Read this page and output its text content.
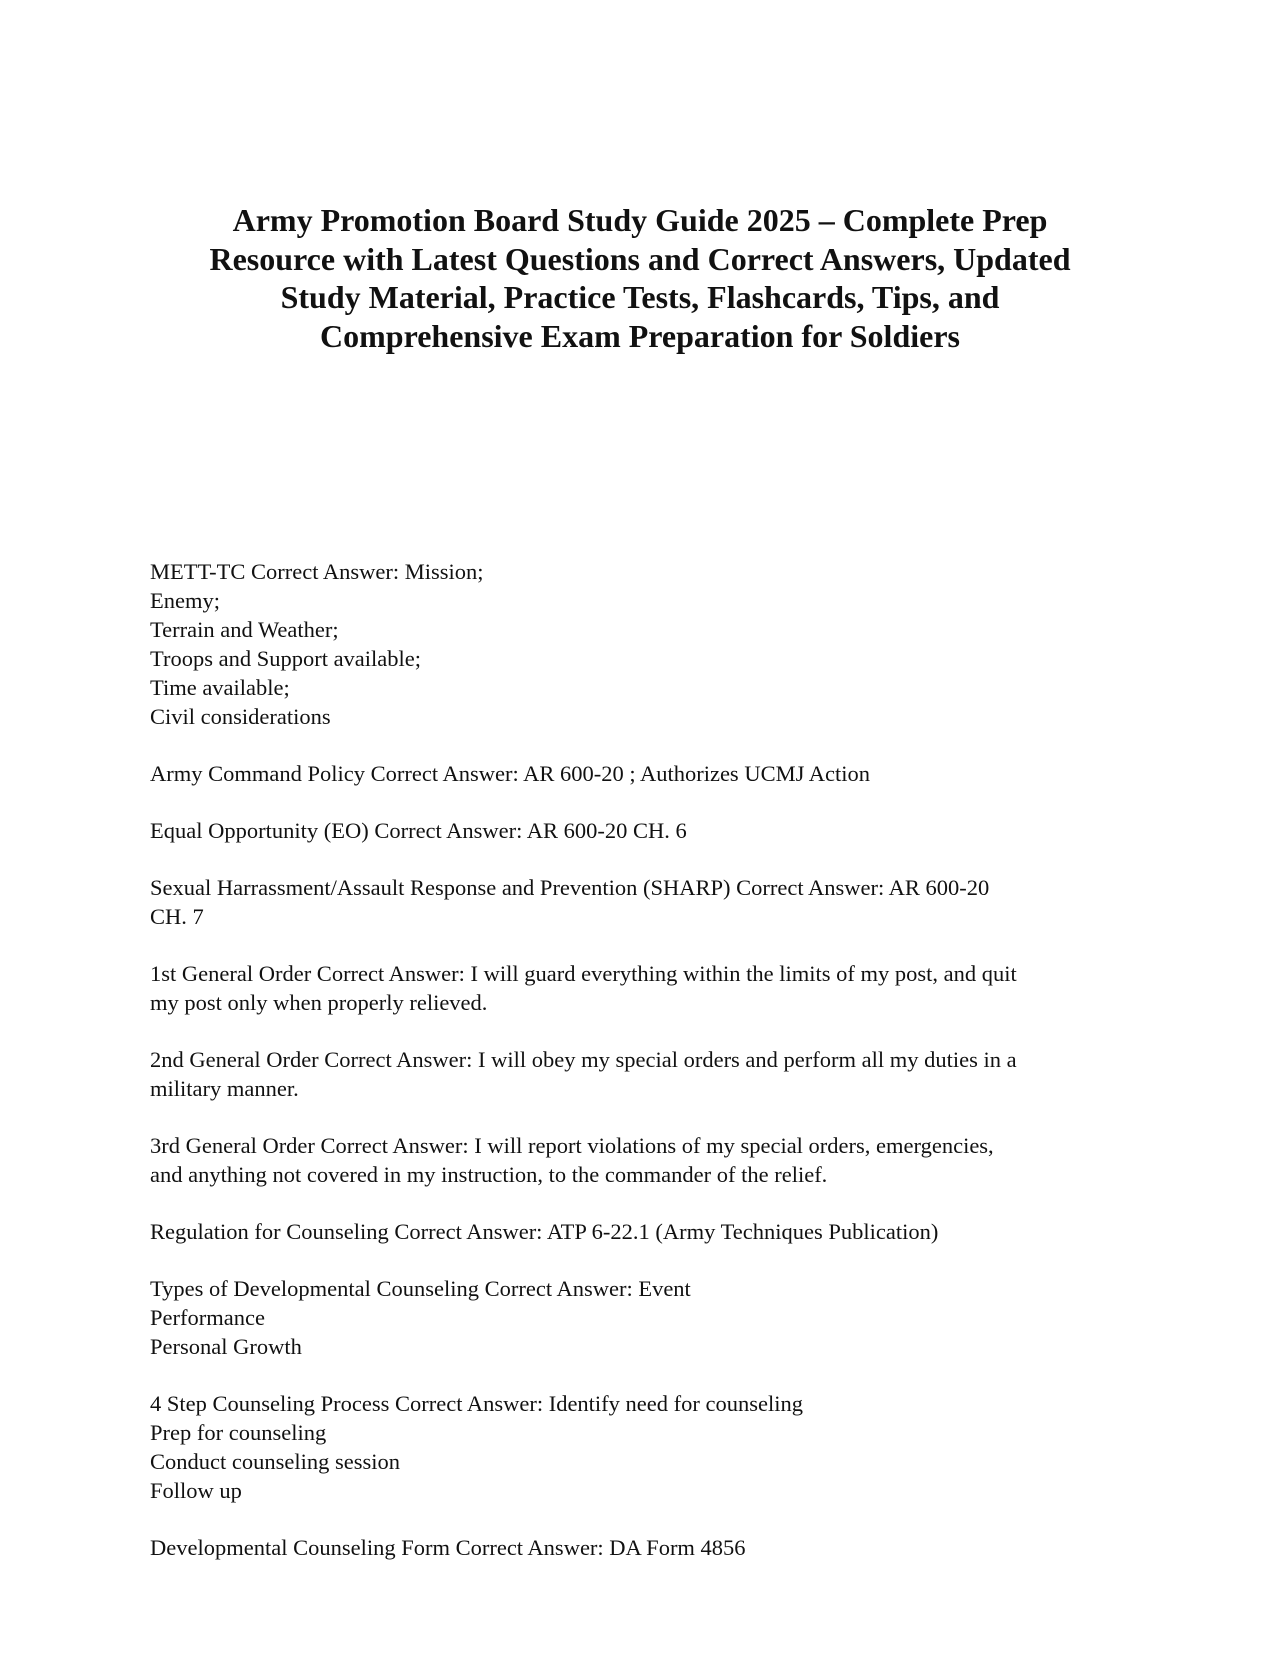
Army Promotion Board Study Guide 2025 – Complete Prep
Resource with Latest Questions and Correct Answers, Updated
Study Material, Practice Tests, Flashcards, Tips, and
Comprehensive Exam Preparation for Soldiers
METT-TC Correct Answer: Mission;
Enemy;
Terrain and Weather;
Troops and Support available;
Time available;
Civil considerations
Army Command Policy Correct Answer: AR 600-20 ; Authorizes UCMJ Action
Equal Opportunity (EO) Correct Answer: AR 600-20 CH. 6
Sexual Harrassment/Assault Response and Prevention (SHARP) Correct Answer: AR 600-20
CH. 7
1st General Order Correct Answer: I will guard everything within the limits of my post, and quit
my post only when properly relieved.
2nd General Order Correct Answer: I will obey my special orders and perform all my duties in a
military manner.
3rd General Order Correct Answer: I will report violations of my special orders, emergencies,
and anything not covered in my instruction, to the commander of the relief.
Regulation for Counseling Correct Answer: ATP 6-22.1 (Army Techniques Publication)
Types of Developmental Counseling Correct Answer: Event
Performance
Personal Growth
4 Step Counseling Process Correct Answer: Identify need for counseling
Prep for counseling
Conduct counseling session
Follow up
Developmental Counseling Form Correct Answer: DA Form 4856
